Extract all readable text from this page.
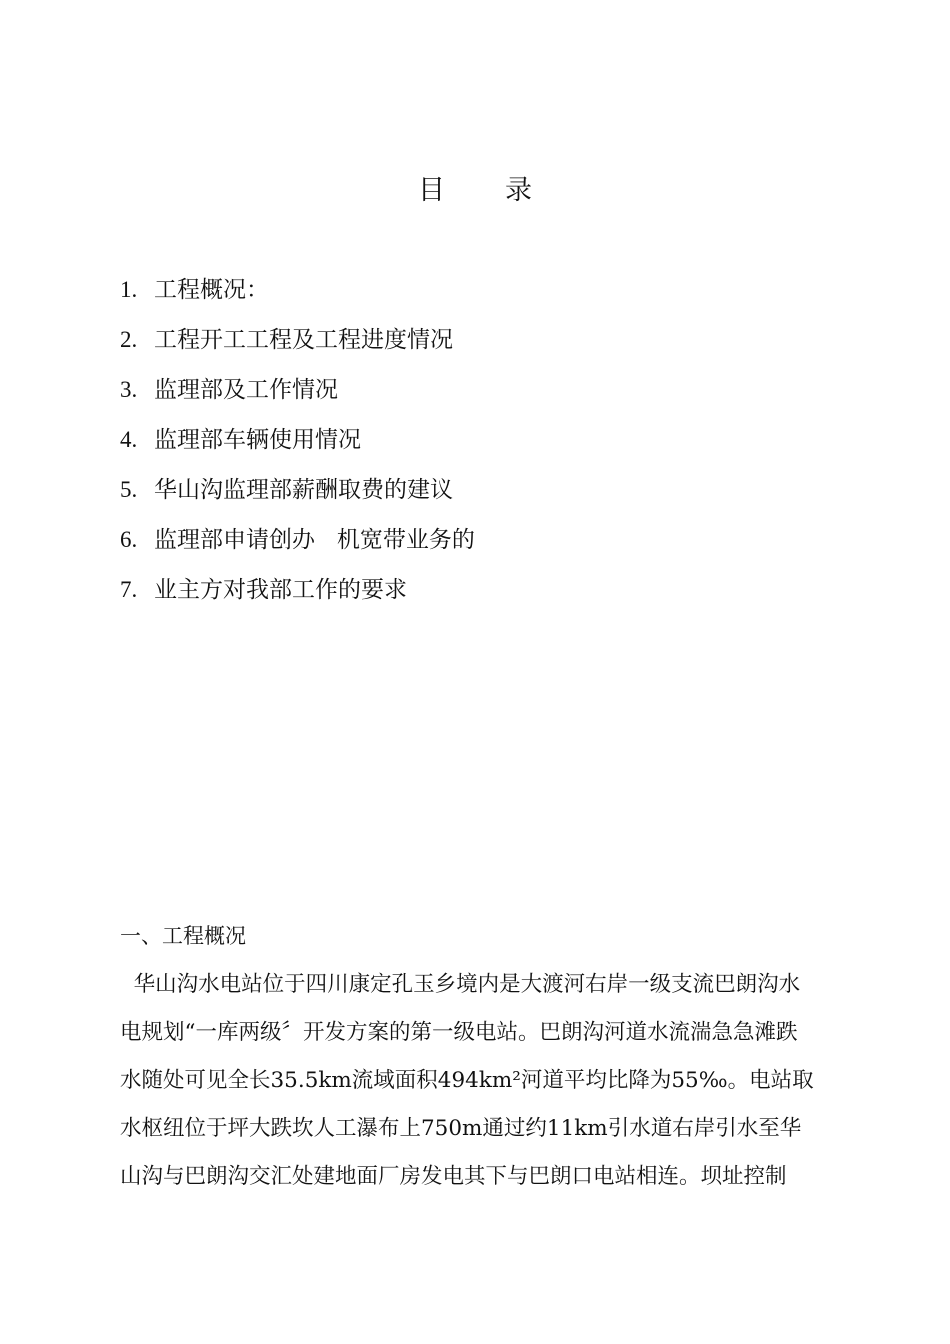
目 录
1. 工程概况：
2. 工程开工工程及工程进度情况
3. 监理部及工作情况
4. 监理部车辆使用情况
5. 华山沟监理部薪酬取费的建议
6. 监理部申请创办   机宽带业务的
7. 业主方对我部工作的要求
一、工程概况
华山沟水电站位于四川康定孔玉乡境内是大渡河右岸一级支流巴朗沟水
电规划“一库两级〞开发方案的第一级电站。巴朗沟河道水流湍急急滩跌
水随处可见全长35.5km流域面积494km²河道平均比降为55‰。电站取
水枢纽位于坪大跌坎人工瀑布上750m通过约11km引水道右岸引水至华
山沟与巴朗沟交汇处建地面厂房发电其下与巴朗口电站相连。坝址控制
